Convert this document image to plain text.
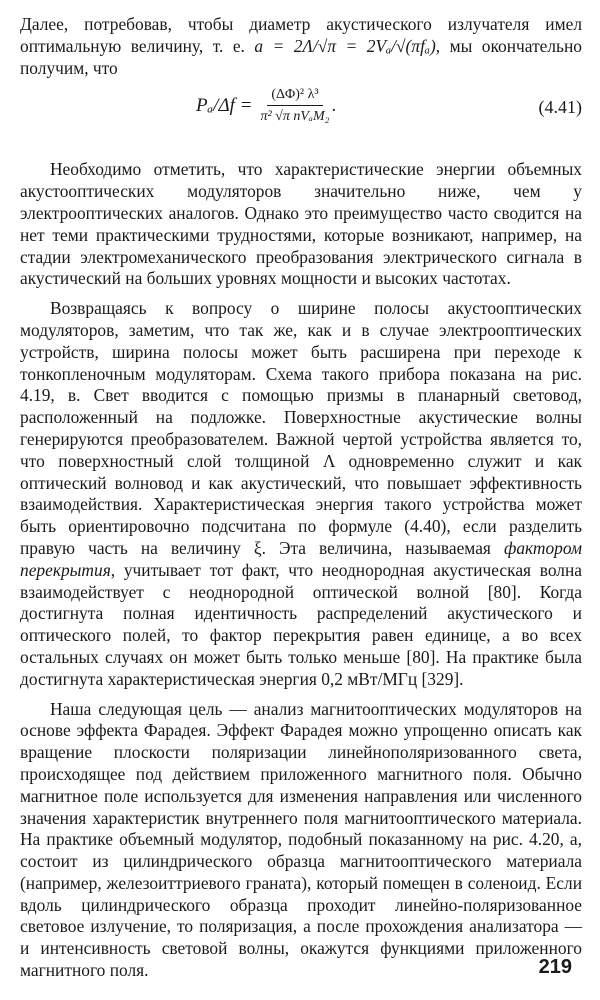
Далее, потребовав, чтобы диаметр акустического излучателя имел оптимальную величину, т. е. a = 2Λ/√π = 2Vₐ/√(πfₐ), мы окончательно получим, что

$P_a/\Delta f = \frac{\text{(ΔΦ)² λ³}}{\text{π² √π nVₐM₂}}$ .	(4.41)

Необходимо отметить, что характеристические энергии объемных акустооптических модуляторов значительно ниже, чем у электрооптических аналогов. Однако это преимущество часто сводится на нет теми практическими трудностями, которые возникают, например, на стадии электромеханического преобразования электрического сигнала в акустический на больших уровнях мощности и высоких частотах.

Возвращаясь к вопросу о ширине полосы акустооптических модуляторов, заметим, что так же, как и в случае электрооптических устройств, ширина полосы может быть расширена при переходе к тонкопленочным модуляторам. Схема такого прибора показана на рис. 4.19, в. Свет вводится с помощью призмы в планарный световод, расположенный на подложке. Поверхностные акустические волны генерируются преобразователем. Важной чертой устройства является то, что поверхностный слой толщиной Λ одновременно служит и как оптический волновод и как акустический, что повышает эффективность взаимодействия. Характеристическая энергия такого устройства может быть ориентировочно подсчитана по формуле (4.40), если разделить правую часть на величину ξ. Эта величина, называемая фактором перекрытия, учитывает тот факт, что неоднородная акустическая волна взаимодействует с неоднородной оптической волной [80]. Когда достигнута полная идентичность распределений акустического и оптического полей, то фактор перекрытия равен единице, а во всех остальных случаях он может быть только меньше [80]. На практике была достигнута характеристическая энергия 0,2 мВт/МГц [329].

Наша следующая цель — анализ магнитооптических модуляторов на основе эффекта Фарадея. Эффект Фарадея можно упрощенно описать как вращение плоскости поляризации линейнополяризованного света, происходящее под действием приложенного магнитного поля. Обычно магнитное поле используется для изменения направления или численного значения характеристик внутреннего поля магнитооптического материала. На практике объемный модулятор, подобный показанному на рис. 4.20, а, состоит из цилиндрического образца магнитооптического материала (например, железоиттриевого граната), который помещен в соленоид. Если вдоль цилиндрического образца проходит линейно-поляризованное световое излучение, то поляризация, а после прохождения анализатора — и интенсивность световой волны, окажутся функциями приложенного магнитного поля.	219
